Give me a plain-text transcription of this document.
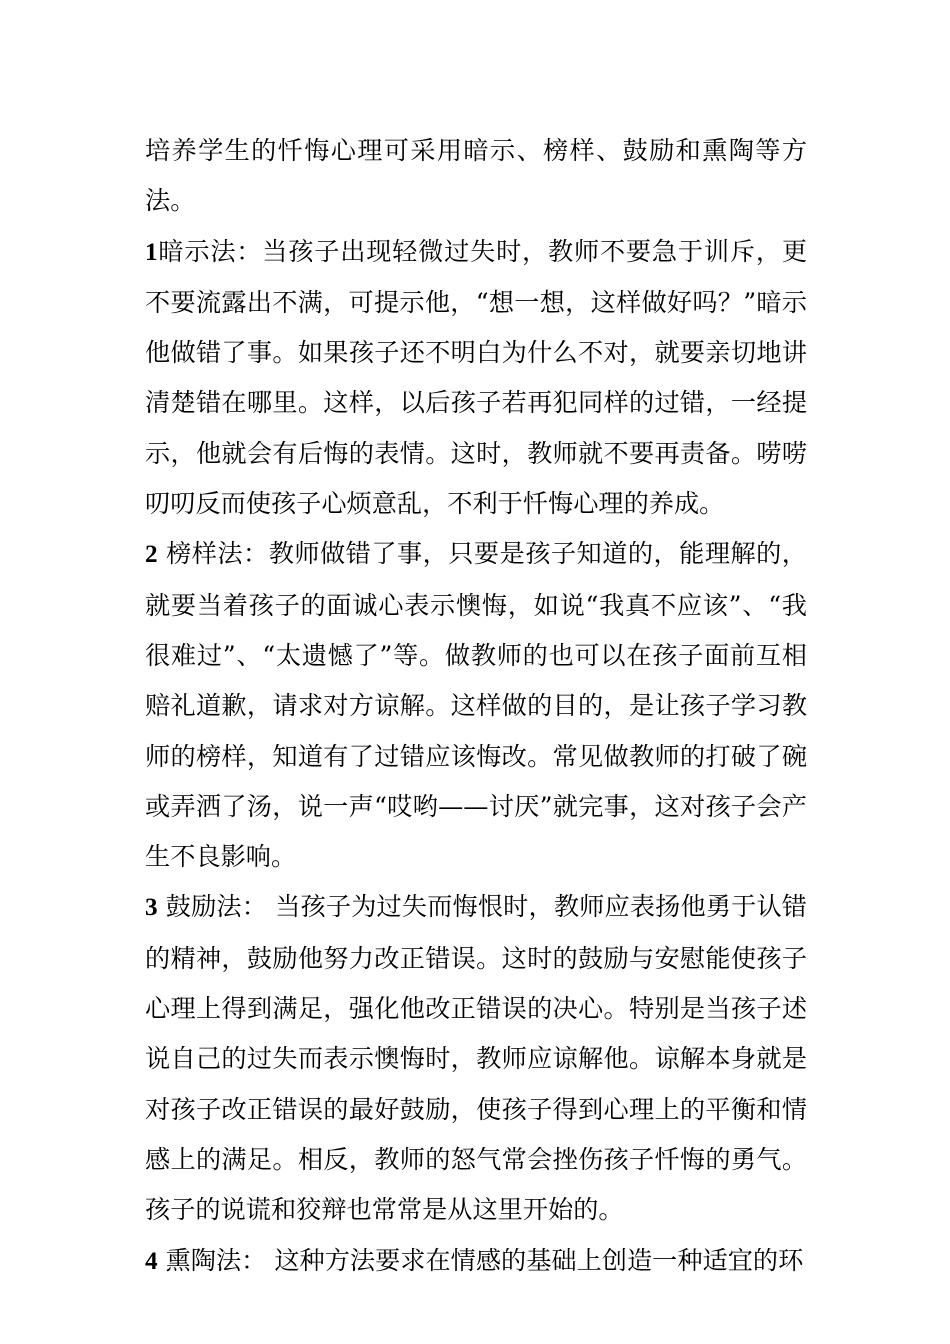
培养学生的忏悔心理可采用暗示、榜样、鼓励和熏陶等方法。

1暗示法：当孩子出现轻微过失时，教师不要急于训斥，更不要流露出不满，可提示他，“想一想，这样做好吗？”暗示他做错了事。如果孩子还不明白为什么不对，就要亲切地讲清楚错在哪里。这样，以后孩子若再犯同样的过错，一经提示，他就会有后悔的表情。这时，教师就不要再责备。唠唠叨叨反而使孩子心烦意乱，不利于忏悔心理的养成。

2 榜样法：教师做错了事，只要是孩子知道的，能理解的，就要当着孩子的面诚心表示懊悔，如说“我真不应该”、“我很难过”、“太遗憾了”等。做教师的也可以在孩子面前互相赔礼道歉，请求对方谅解。这样做的目的，是让孩子学习教师的榜样，知道有了过错应该悔改。常见做教师的打破了碗或弄洒了汤，说一声“哎哟——讨厌”就完事，这对孩子会产生不良影响。

3 鼓励法： 当孩子为过失而悔恨时，教师应表扬他勇于认错的精神，鼓励他努力改正错误。这时的鼓励与安慰能使孩子心理上得到满足，强化他改正错误的决心。特别是当孩子述说自己的过失而表示懊悔时，教师应谅解他。谅解本身就是对孩子改正错误的最好鼓励，使孩子得到心理上的平衡和情感上的满足。相反，教师的怒气常会挫伤孩子忏悔的勇气。孩子的说谎和狡辩也常常是从这里开始的。

4 熏陶法： 这种方法要求在情感的基础上创造一种适宜的环
